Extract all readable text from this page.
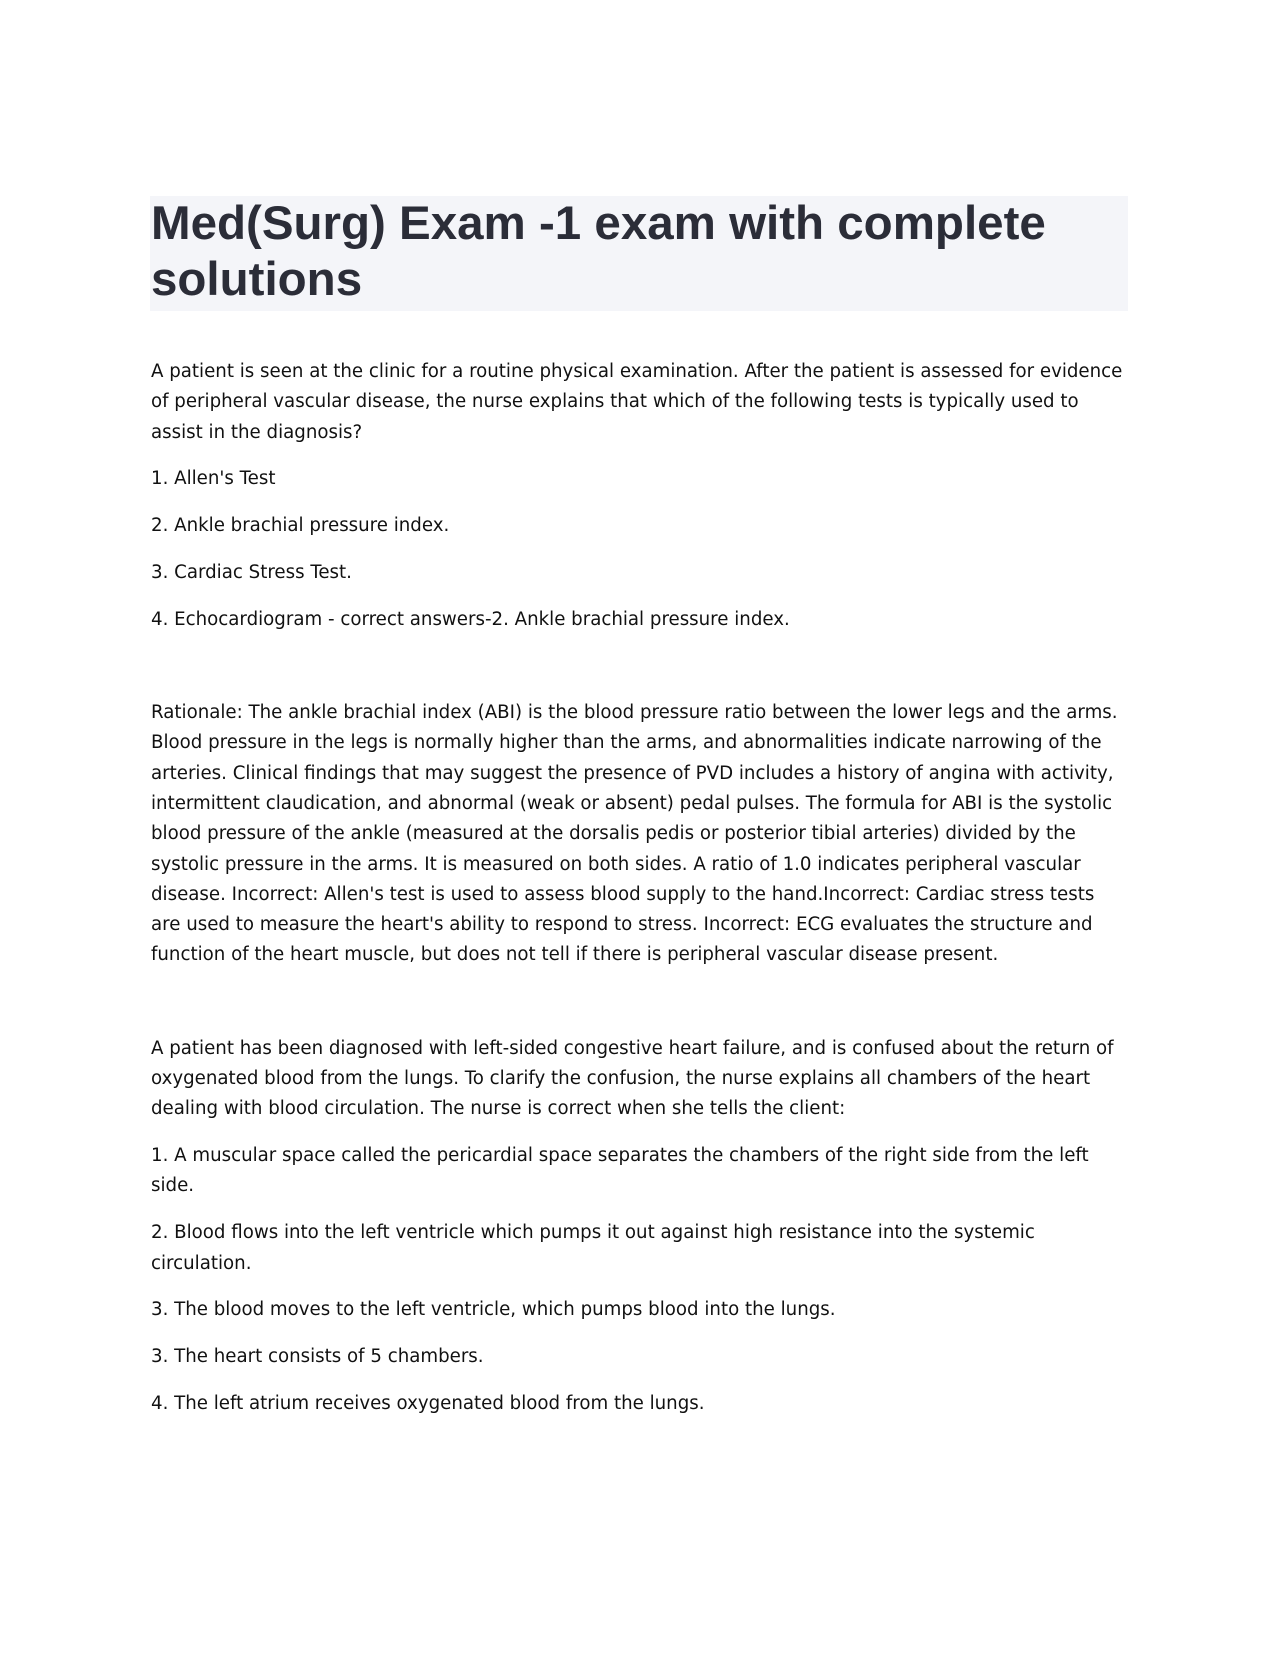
Med(Surg) Exam -1 exam with complete solutions

A patient is seen at the clinic for a routine physical examination. After the patient is assessed for evidence of peripheral vascular disease, the nurse explains that which of the following tests is typically used to assist in the diagnosis?

1. Allen's Test

2. Ankle brachial pressure index.

3. Cardiac Stress Test.

4. Echocardiogram - correct answers-2. Ankle brachial pressure index.

Rationale: The ankle brachial index (ABI) is the blood pressure ratio between the lower legs and the arms. Blood pressure in the legs is normally higher than the arms, and abnormalities indicate narrowing of the arteries. Clinical findings that may suggest the presence of PVD includes a history of angina with activity, intermittent claudication, and abnormal (weak or absent) pedal pulses. The formula for ABI is the systolic blood pressure of the ankle (measured at the dorsalis pedis or posterior tibial arteries) divided by the systolic pressure in the arms. It is measured on both sides. A ratio of 1.0 indicates peripheral vascular disease. Incorrect: Allen's test is used to assess blood supply to the hand.Incorrect: Cardiac stress tests are used to measure the heart's ability to respond to stress. Incorrect: ECG evaluates the structure and function of the heart muscle, but does not tell if there is peripheral vascular disease present.

A patient has been diagnosed with left-sided congestive heart failure, and is confused about the return of oxygenated blood from the lungs. To clarify the confusion, the nurse explains all chambers of the heart dealing with blood circulation. The nurse is correct when she tells the client:

1. A muscular space called the pericardial space separates the chambers of the right side from the left side.

2. Blood flows into the left ventricle which pumps it out against high resistance into the systemic circulation.

3. The blood moves to the left ventricle, which pumps blood into the lungs.

3. The heart consists of 5 chambers.

4. The left atrium receives oxygenated blood from the lungs.
